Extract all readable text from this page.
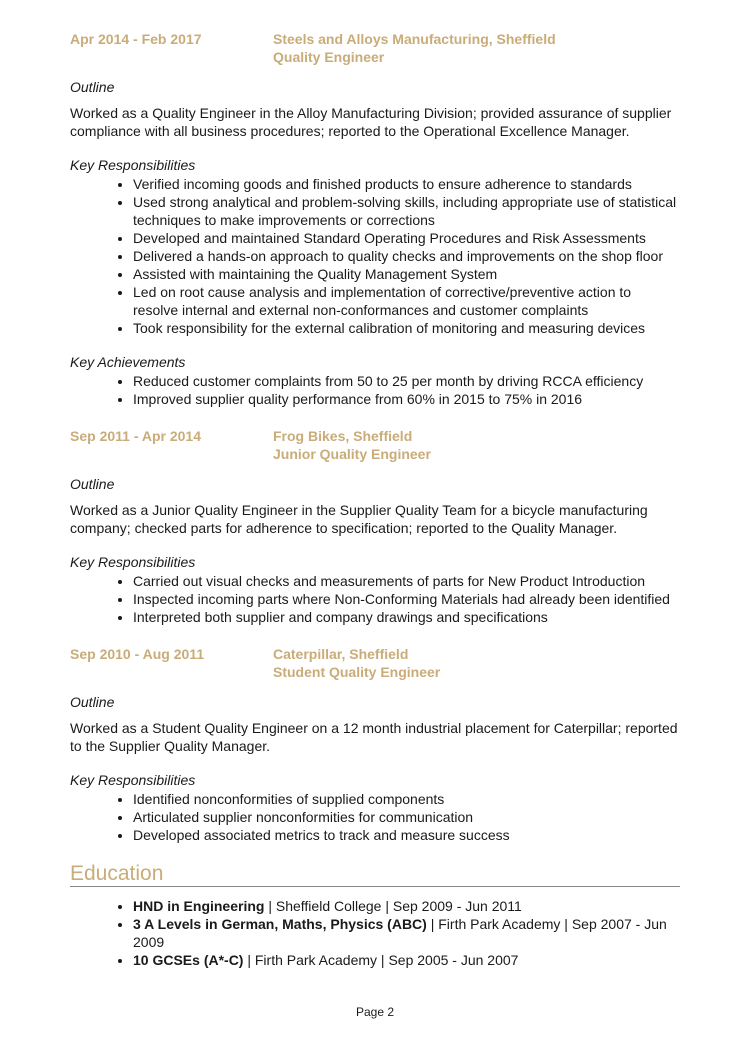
Apr 2014 - Feb 2017	Steels and Alloys Manufacturing, Sheffield
Quality Engineer
Outline
Worked as a Quality Engineer in the Alloy Manufacturing Division; provided assurance of supplier compliance with all business procedures; reported to the Operational Excellence Manager.
Key Responsibilities
• Verified incoming goods and finished products to ensure adherence to standards
• Used strong analytical and problem-solving skills, including appropriate use of statistical techniques to make improvements or corrections
• Developed and maintained Standard Operating Procedures and Risk Assessments
• Delivered a hands-on approach to quality checks and improvements on the shop floor
• Assisted with maintaining the Quality Management System
• Led on root cause analysis and implementation of corrective/preventive action to resolve internal and external non-conformances and customer complaints
• Took responsibility for the external calibration of monitoring and measuring devices
Key Achievements
• Reduced customer complaints from 50 to 25 per month by driving RCCA efficiency
• Improved supplier quality performance from 60% in 2015 to 75% in 2016
Sep 2011 - Apr 2014	Frog Bikes, Sheffield
Junior Quality Engineer
Outline
Worked as a Junior Quality Engineer in the Supplier Quality Team for a bicycle manufacturing company; checked parts for adherence to specification; reported to the Quality Manager.
Key Responsibilities
• Carried out visual checks and measurements of parts for New Product Introduction
• Inspected incoming parts where Non-Conforming Materials had already been identified
• Interpreted both supplier and company drawings and specifications
Sep 2010 - Aug 2011	Caterpillar, Sheffield
Student Quality Engineer
Outline
Worked as a Student Quality Engineer on a 12 month industrial placement for Caterpillar; reported to the Supplier Quality Manager.
Key Responsibilities
• Identified nonconformities of supplied components
• Articulated supplier nonconformities for communication
• Developed associated metrics to track and measure success
Education
• HND in Engineering | Sheffield College | Sep 2009 - Jun 2011
• 3 A Levels in German, Maths, Physics (ABC) | Firth Park Academy | Sep 2007 - Jun 2009
• 10 GCSEs (A*-C) | Firth Park Academy | Sep 2005 - Jun 2007
Page 2
